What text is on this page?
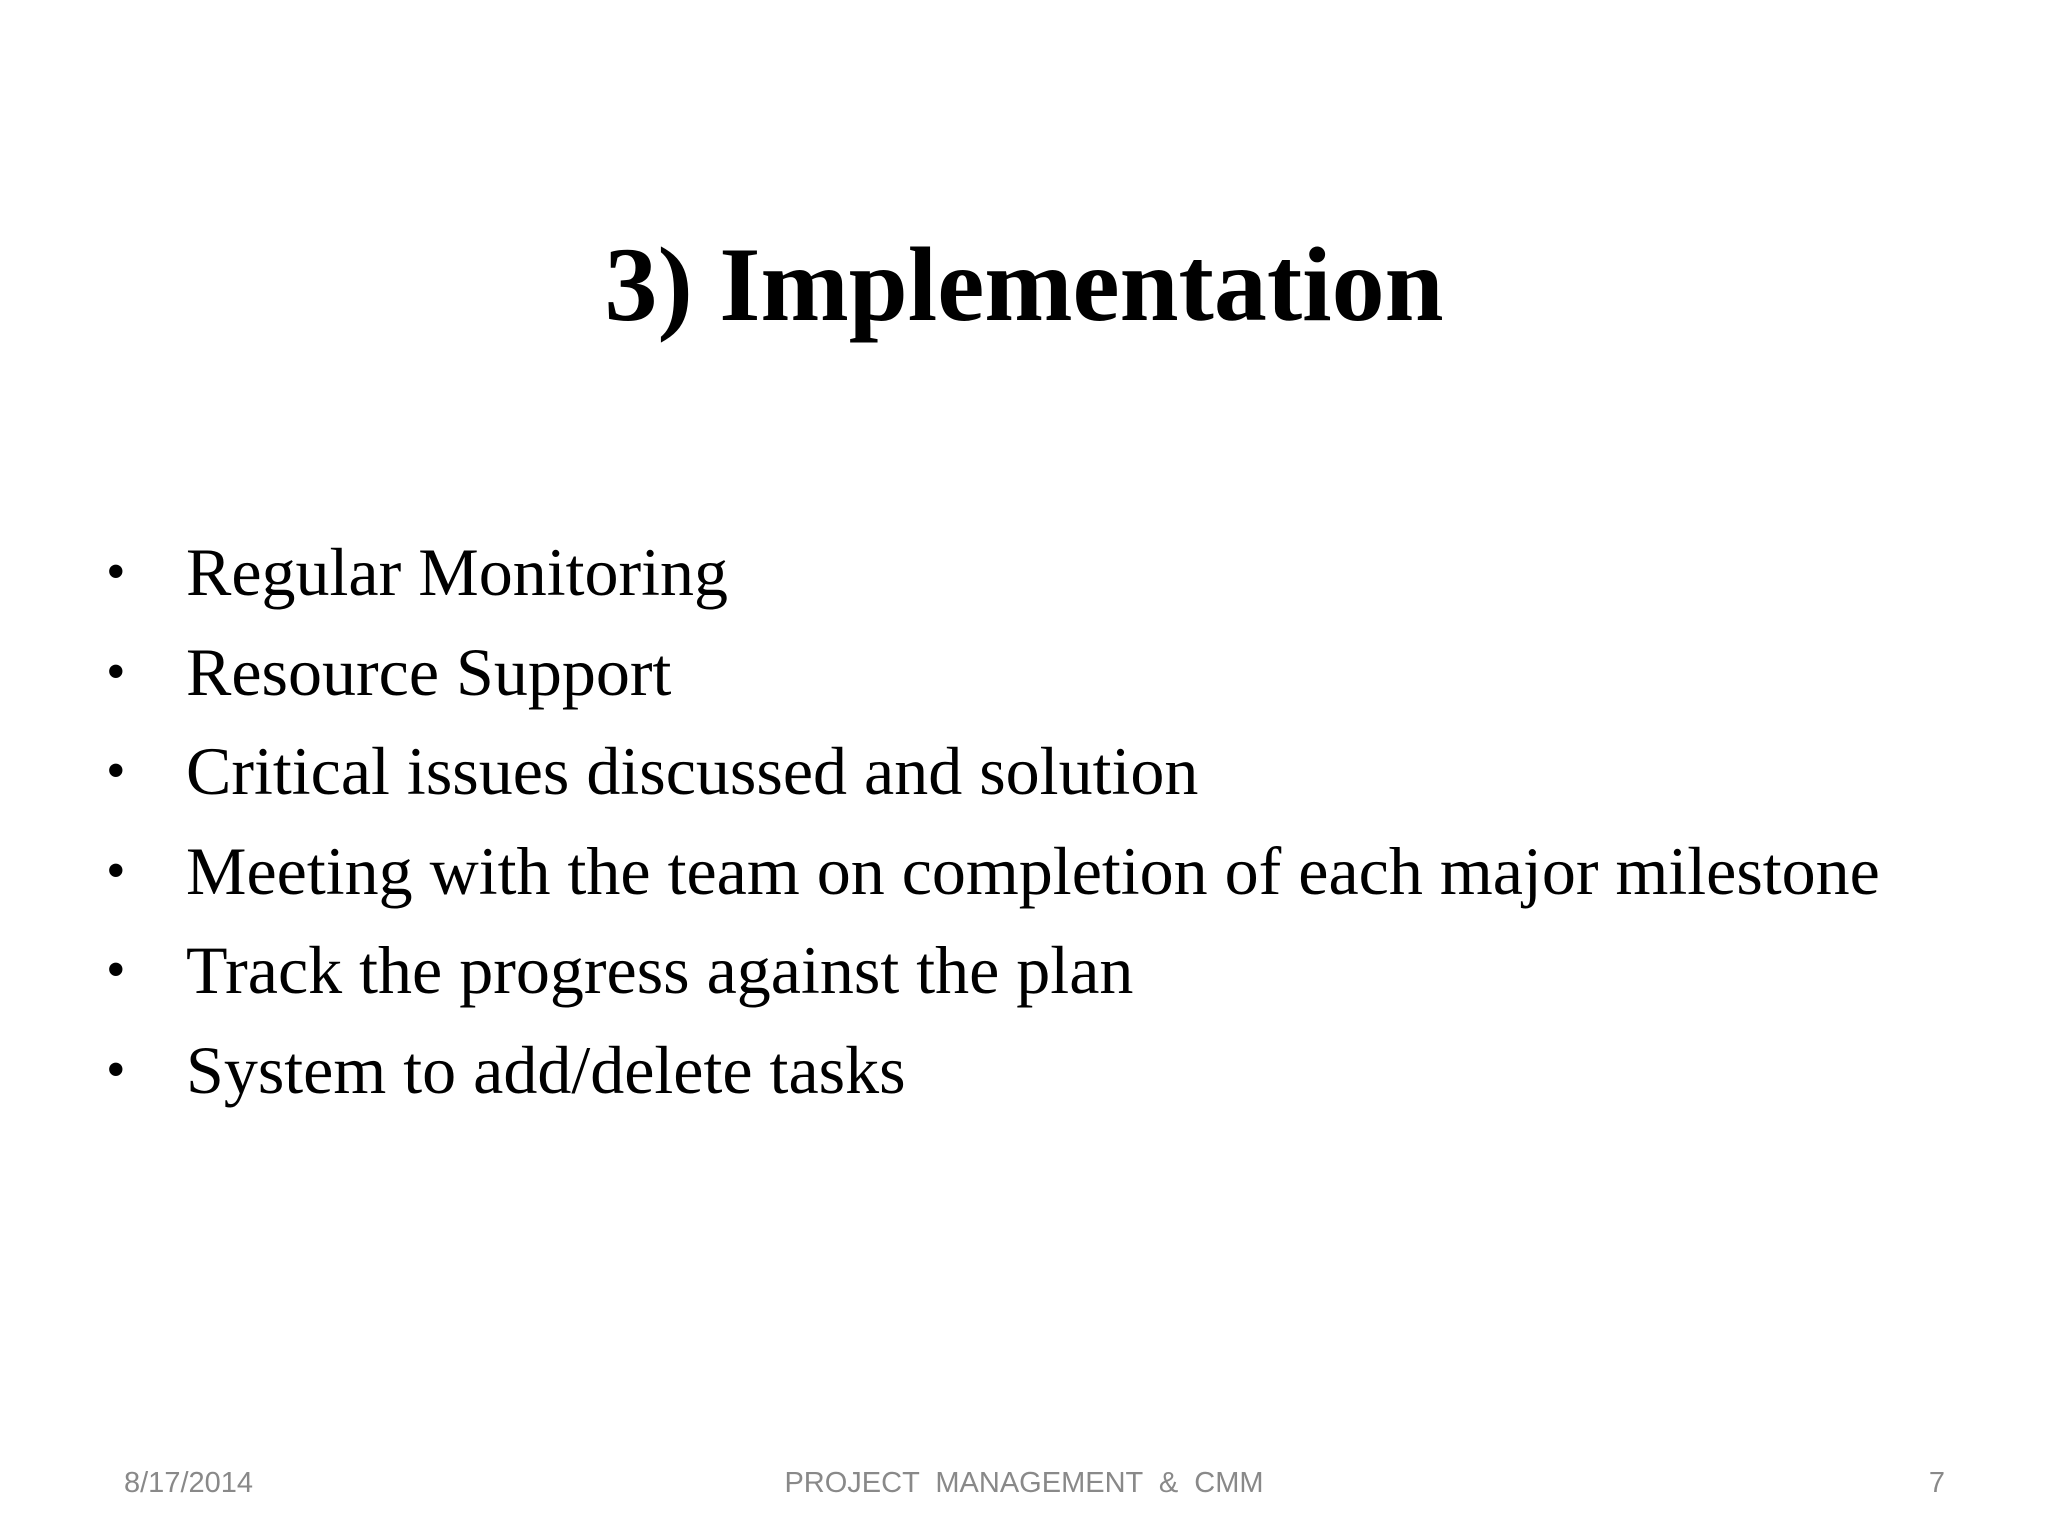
3) Implementation
• Regular Monitoring
• Resource Support
• Critical issues discussed and solution
• Meeting with the team on completion of each major milestone
• Track the progress against the plan
• System to add/delete tasks
8/17/2014	PROJECT  MANAGEMENT  &  CMM	7
